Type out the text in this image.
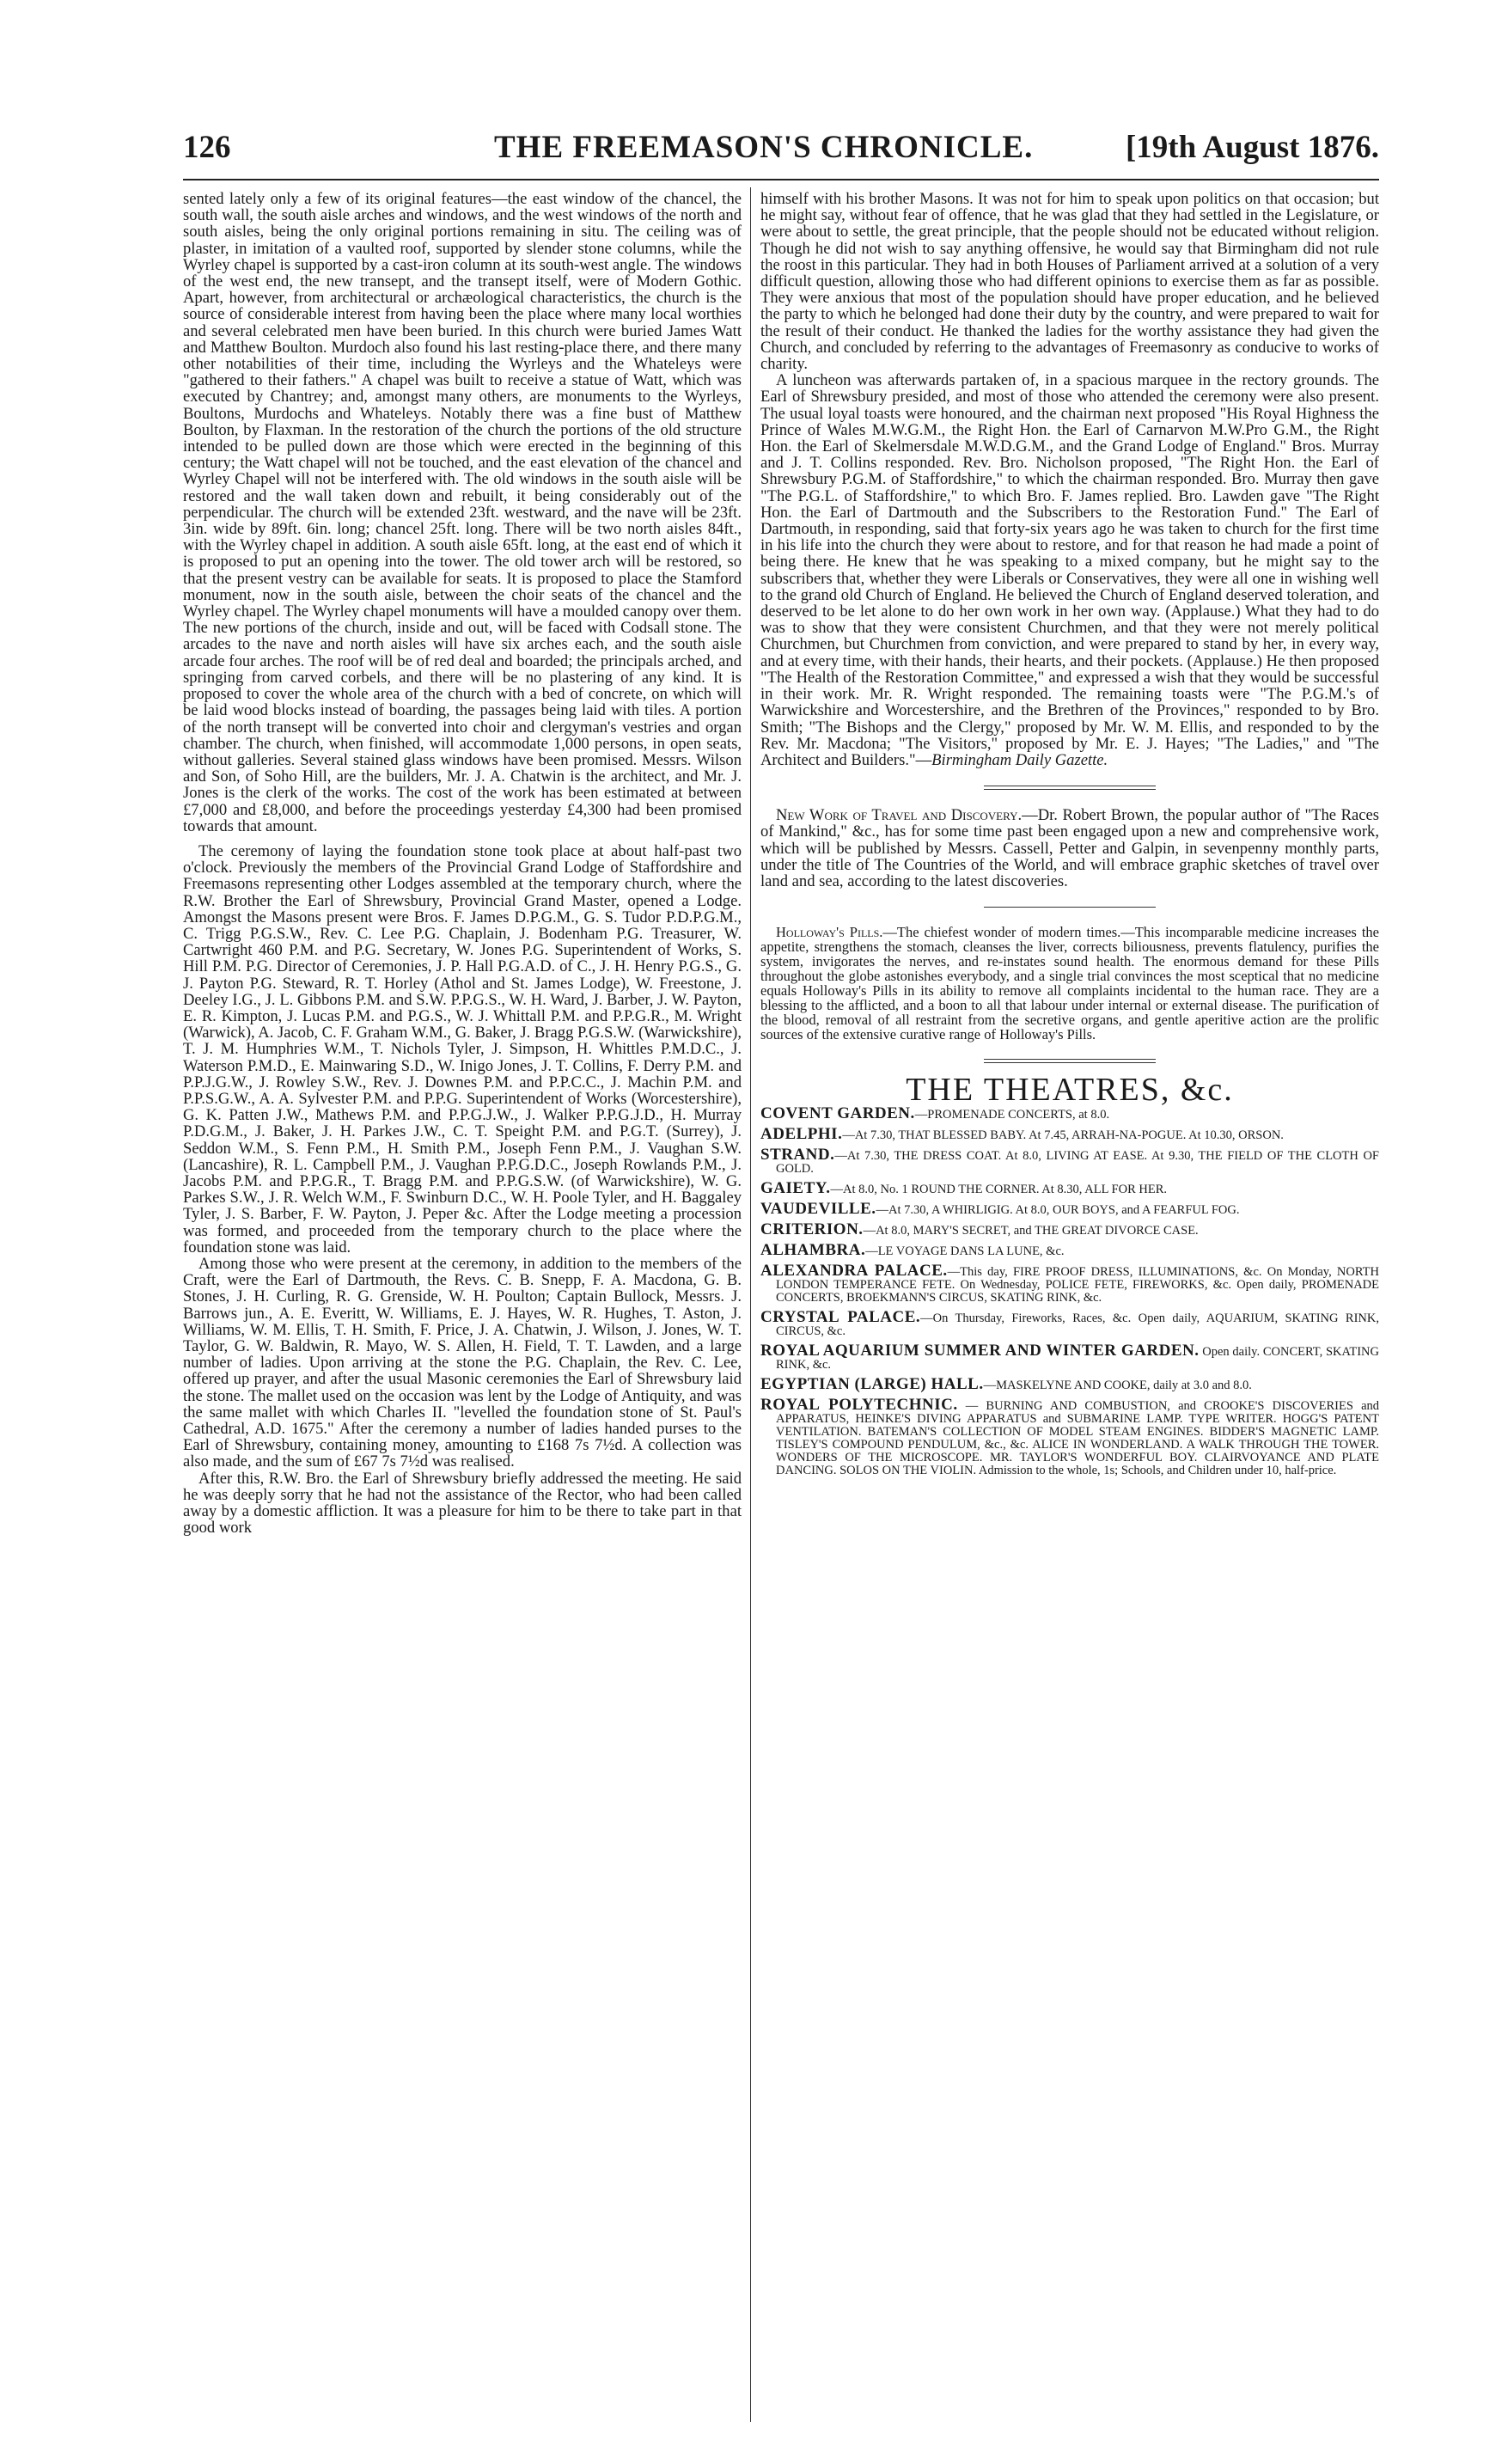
126	THE FREEMASON'S CHRONICLE.	[19th August 1876.

sented lately only a few of its original features—the east window of the chancel, the south wall, the south aisle arches and windows, and the west windows of the north and south aisles, being the only original portions remaining in situ. The ceiling was of plaster, in imitation of a vaulted roof, supported by slender stone columns, while the Wyrley chapel is supported by a cast-iron column at its south-west angle. The windows of the west end, the new transept, and the transept itself, were of Modern Gothic. Apart, however, from architectural or archæological characteristics, the church is the source of considerable interest from having been the place where many local worthies and several celebrated men have been buried. In this church were buried James Watt and Matthew Boulton. Murdoch also found his last resting-place there, and there many other notabilities of their time, including the Wyrleys and the Whateleys were "gathered to their fathers." A chapel was built to receive a statue of Watt, which was executed by Chantrey; and, amongst many others, are monuments to the Wyrleys, Boultons, Murdochs and Whateleys. Notably there was a fine bust of Matthew Boulton, by Flaxman. In the restoration of the church the portions of the old structure intended to be pulled down are those which were erected in the beginning of this century; the Watt chapel will not be touched, and the east elevation of the chancel and Wyrley Chapel will not be interfered with. The old windows in the south aisle will be restored and the wall taken down and rebuilt, it being considerably out of the perpendicular. The church will be extended 23ft. westward, and the nave will be 23ft. 3in. wide by 89ft. 6in. long; chancel 25ft. long. There will be two north aisles 84ft., with the Wyrley chapel in addition. A south aisle 65ft. long, at the east end of which it is proposed to put an opening into the tower. The old tower arch will be restored, so that the present vestry can be available for seats. It is proposed to place the Stamford monument, now in the south aisle, between the choir seats of the chancel and the Wyrley chapel. The Wyrley chapel monuments will have a moulded canopy over them. The new portions of the church, inside and out, will be faced with Codsall stone. The arcades to the nave and north aisles will have six arches each, and the south aisle arcade four arches. The roof will be of red deal and boarded; the principals arched, and springing from carved corbels, and there will be no plastering of any kind. It is proposed to cover the whole area of the church with a bed of concrete, on which will be laid wood blocks instead of boarding, the passages being laid with tiles. A portion of the north transept will be converted into choir and clergyman's vestries and organ chamber. The church, when finished, will accommodate 1,000 persons, in open seats, without galleries. Several stained glass windows have been promised. Messrs. Wilson and Son, of Soho Hill, are the builders, Mr. J. A. Chatwin is the architect, and Mr. J. Jones is the clerk of the works. The cost of the work has been estimated at between £7,000 and £8,000, and before the proceedings yesterday £4,300 had been promised towards that amount.

The ceremony of laying the foundation stone took place at about half-past two o'clock. Previously the members of the Provincial Grand Lodge of Staffordshire and Freemasons representing other Lodges assembled at the temporary church, where the R.W. Brother the Earl of Shrewsbury, Provincial Grand Master, opened a Lodge. Amongst the Masons present were Bros. F. James D.P.G.M., G. S. Tudor P.D.P.G.M., C. Trigg P.G.S.W., Rev. C. Lee P.G. Chaplain, J. Bodenham P.G. Treasurer, W. Cartwright 460 P.M. and P.G. Secretary, W. Jones P.G. Superintendent of Works, S. Hill P.M. P.G. Director of Ceremonies, J. P. Hall P.G.A.D. of C., J. H. Henry P.G.S., G. J. Payton P.G. Steward, R. T. Horley (Athol and St. James Lodge), W. Freestone, J. Deeley I.G., J. L. Gibbons P.M. and S.W. P.P.G.S., W. H. Ward, J. Barber, J. W. Payton, E. R. Kimpton, J. Lucas P.M. and P.G.S., W. J. Whittall P.M. and P.P.G.R., M. Wright (Warwick), A. Jacob, C. F. Graham W.M., G. Baker, J. Bragg P.G.S.W. (Warwickshire), T. J. M. Humphries W.M., T. Nichols Tyler, J. Simpson, H. Whittles P.M.D.C., J. Waterson P.M.D., E. Mainwaring S.D., W. Inigo Jones, J. T. Collins, F. Derry P.M. and P.P.J.G.W., J. Rowley S.W., Rev. J. Downes P.M. and P.P.C.C., J. Machin P.M. and P.P.S.G.W., A. A. Sylvester P.M. and P.P.G. Superintendent of Works (Worcestershire), G. K. Patten J.W., Mathews P.M. and P.P.G.J.W., J. Walker P.P.G.J.D., H. Murray P.D.G.M., J. Baker, J. H. Parkes J.W., C. T. Speight P.M. and P.G.T. (Surrey), J. Seddon W.M., S. Fenn P.M., H. Smith P.M., Joseph Fenn P.M., J. Vaughan S.W. (Lancashire), R. L. Campbell P.M., J. Vaughan P.P.G.D.C., Joseph Rowlands P.M., J. Jacobs P.M. and P.P.G.R., T. Bragg P.M. and P.P.G.S.W. (of Warwickshire), W. G. Parkes S.W., J. R. Welch W.M., F. Swinburn D.C., W. H. Poole Tyler, and H. Baggaley Tyler, J. S. Barber, F. W. Payton, J. Peper &c. After the Lodge meeting a procession was formed, and proceeded from the temporary church to the place where the foundation stone was laid.

Among those who were present at the ceremony, in addition to the members of the Craft, were the Earl of Dartmouth, the Revs. C. B. Snepp, F. A. Macdona, G. B. Stones, J. H. Curling, R. G. Grenside, W. H. Poulton; Captain Bullock, Messrs. J. Barrows jun., A. E. Everitt, W. Williams, E. J. Hayes, W. R. Hughes, T. Aston, J. Williams, W. M. Ellis, T. H. Smith, F. Price, J. A. Chatwin, J. Wilson, J. Jones, W. T. Taylor, G. W. Baldwin, R. Mayo, W. S. Allen, H. Field, T. T. Lawden, and a large number of ladies. Upon arriving at the stone the P.G. Chaplain, the Rev. C. Lee, offered up prayer, and after the usual Masonic ceremonies the Earl of Shrewsbury laid the stone. The mallet used on the occasion was lent by the Lodge of Antiquity, and was the same mallet with which Charles II. "levelled the foundation stone of St. Paul's Cathedral, A.D. 1675." After the ceremony a number of ladies handed purses to the Earl of Shrewsbury, containing money, amounting to £168 7s 7½d. A collection was also made, and the sum of £67 7s 7½d was realised.

After this, R.W. Bro. the Earl of Shrewsbury briefly addressed the meeting. He said he was deeply sorry that he had not the assistance of the Rector, who had been called away by a domestic affliction. It was a pleasure for him to be there to take part in that good work

himself with his brother Masons. It was not for him to speak upon politics on that occasion; but he might say, without fear of offence, that he was glad that they had settled in the Legislature, or were about to settle, the great principle, that the people should not be educated without religion. Though he did not wish to say anything offensive, he would say that Birmingham did not rule the roost in this particular. They had in both Houses of Parliament arrived at a solution of a very difficult question, allowing those who had different opinions to exercise them as far as possible. They were anxious that most of the population should have proper education, and he believed the party to which he belonged had done their duty by the country, and were prepared to wait for the result of their conduct. He thanked the ladies for the worthy assistance they had given the Church, and concluded by referring to the advantages of Freemasonry as conducive to works of charity.

A luncheon was afterwards partaken of, in a spacious marquee in the rectory grounds. The Earl of Shrewsbury presided, and most of those who attended the ceremony were also present. The usual loyal toasts were honoured, and the chairman next proposed "His Royal Highness the Prince of Wales M.W.G.M., the Right Hon. the Earl of Carnarvon M.W.Pro G.M., the Right Hon. the Earl of Skelmersdale M.W.D.G.M., and the Grand Lodge of England." Bros. Murray and J. T. Collins responded. Rev. Bro. Nicholson proposed, "The Right Hon. the Earl of Shrewsbury P.G.M. of Staffordshire," to which the chairman responded. Bro. Murray then gave "The P.G.L. of Staffordshire," to which Bro. F. James replied. Bro. Lawden gave "The Right Hon. the Earl of Dartmouth and the Subscribers to the Restoration Fund." The Earl of Dartmouth, in responding, said that forty-six years ago he was taken to church for the first time in his life into the church they were about to restore, and for that reason he had made a point of being there. He knew that he was speaking to a mixed company, but he might say to the subscribers that, whether they were Liberals or Conservatives, they were all one in wishing well to the grand old Church of England. He believed the Church of England deserved toleration, and deserved to be let alone to do her own work in her own way. (Applause.) What they had to do was to show that they were consistent Churchmen, and that they were not merely political Churchmen, but Churchmen from conviction, and were prepared to stand by her, in every way, and at every time, with their hands, their hearts, and their pockets. (Applause.) He then proposed "The Health of the Restoration Committee," and expressed a wish that they would be successful in their work. Mr. R. Wright responded. The remaining toasts were "The P.G.M.'s of Warwickshire and Worcestershire, and the Brethren of the Provinces," responded to by Bro. Smith; "The Bishops and the Clergy," proposed by Mr. W. M. Ellis, and responded to by the Rev. Mr. Macdona; "The Visitors," proposed by Mr. E. J. Hayes; "The Ladies," and "The Architect and Builders."—Birmingham Daily Gazette.

New Work of Travel and Discovery.—Dr. Robert Brown, the popular author of "The Races of Mankind," &c., has for some time past been engaged upon a new and comprehensive work, which will be published by Messrs. Cassell, Petter and Galpin, in sevenpenny monthly parts, under the title of The Countries of the World, and will embrace graphic sketches of travel over land and sea, according to the latest discoveries.

Holloway's Pills.—The chiefest wonder of modern times.—This incomparable medicine increases the appetite, strengthens the stomach, cleanses the liver, corrects biliousness, prevents flatulency, purifies the system, invigorates the nerves, and re-instates sound health. The enormous demand for these Pills throughout the globe astonishes everybody, and a single trial convinces the most sceptical that no medicine equals Holloway's Pills in its ability to remove all complaints incidental to the human race. They are a blessing to the afflicted, and a boon to all that labour under internal or external disease. The purification of the blood, removal of all restraint from the secretive organs, and gentle aperitive action are the prolific sources of the extensive curative range of Holloway's Pills.

THE THEATRES, &c.
COVENT GARDEN.—PROMENADE CONCERTS, at 8.0.
ADELPHI.—At 7.30, THAT BLESSED BABY. At 7.45, ARRAH-NA-POGUE. At 10.30, ORSON.
STRAND.—At 7.30, THE DRESS COAT. At 8.0, LIVING AT EASE. At 9.30, THE FIELD OF THE CLOTH OF GOLD.
GAIETY.—At 8.0, No. 1 ROUND THE CORNER. At 8.30, ALL FOR HER.
VAUDEVILLE.—At 7.30, A WHIRLIGIG. At 8.0, OUR BOYS, and A FEARFUL FOG.
CRITERION.—At 8.0, MARY'S SECRET, and THE GREAT DIVORCE CASE.
ALHAMBRA.—LE VOYAGE DANS LA LUNE, &c.
ALEXANDRA PALACE.—This day, FIRE PROOF DRESS, ILLUMINATIONS, &c. On Monday, NORTH LONDON TEMPERANCE FETE. On Wednesday, POLICE FETE, FIREWORKS, &c. Open daily, PROMENADE CONCERTS, BROEKMANN'S CIRCUS, SKATING RINK, &c.
CRYSTAL PALACE.—On Thursday, Fireworks, Races, &c. Open daily, AQUARIUM, SKATING RINK, CIRCUS, &c.
ROYAL AQUARIUM SUMMER AND WINTER GARDEN. Open daily. CONCERT, SKATING RINK, &c.
EGYPTIAN (LARGE) HALL.—MASKELYNE AND COOKE, daily at 3.0 and 8.0.
ROYAL POLYTECHNIC. — BURNING AND COMBUSTION, and CROOKE'S DISCOVERIES and APPARATUS, HEINKE'S DIVING APPARATUS and SUBMARINE LAMP. TYPE WRITER. HOGG'S PATENT VENTILATION. BATEMAN'S COLLECTION OF MODEL STEAM ENGINES. BIDDER'S MAGNETIC LAMP. TISLEY'S COMPOUND PENDULUM, &c., &c. ALICE IN WONDERLAND. A WALK THROUGH THE TOWER. WONDERS OF THE MICROSCOPE. MR. TAYLOR'S WONDERFUL BOY. CLAIRVOYANCE AND PLATE DANCING. SOLOS ON THE VIOLIN. Admission to the whole, 1s; Schools, and Children under 10, half-price.
